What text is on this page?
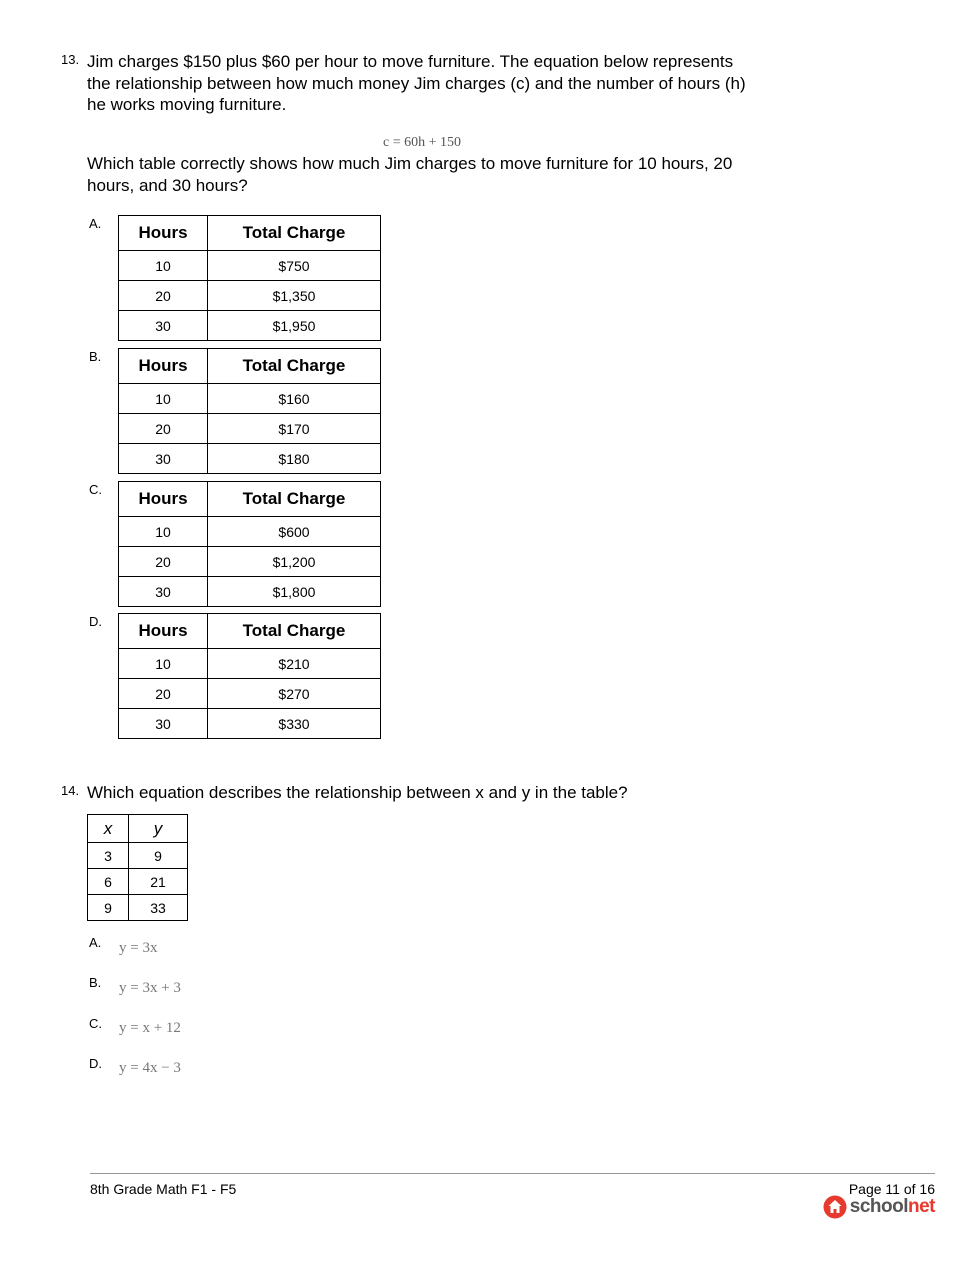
13. Jim charges $150 plus $60 per hour to move furniture. The equation below represents
the relationship between how much money Jim charges (c) and the number of hours (h)
he works moving furniture.
c = 60h + 150
Which table correctly shows how much Jim charges to move furniture for 10 hours, 20
hours, and 30 hours?
A. Hours	Total Charge
10	$750
20	$1,350
30	$1,950
B. Hours	Total Charge
10	$160
20	$170
30	$180
C. Hours	Total Charge
10	$600
20	$1,200
30	$1,800
D. Hours	Total Charge
10	$210
20	$270
30	$330
14. Which equation describes the relationship between x and y in the table?
x	y
3	9
6	21
9	33
A. y = 3x
B. y = 3x + 3
C. y = x + 12
D. y = 4x − 3
8th Grade Math F1 - F5	Page 11 of 16
schoolnet
